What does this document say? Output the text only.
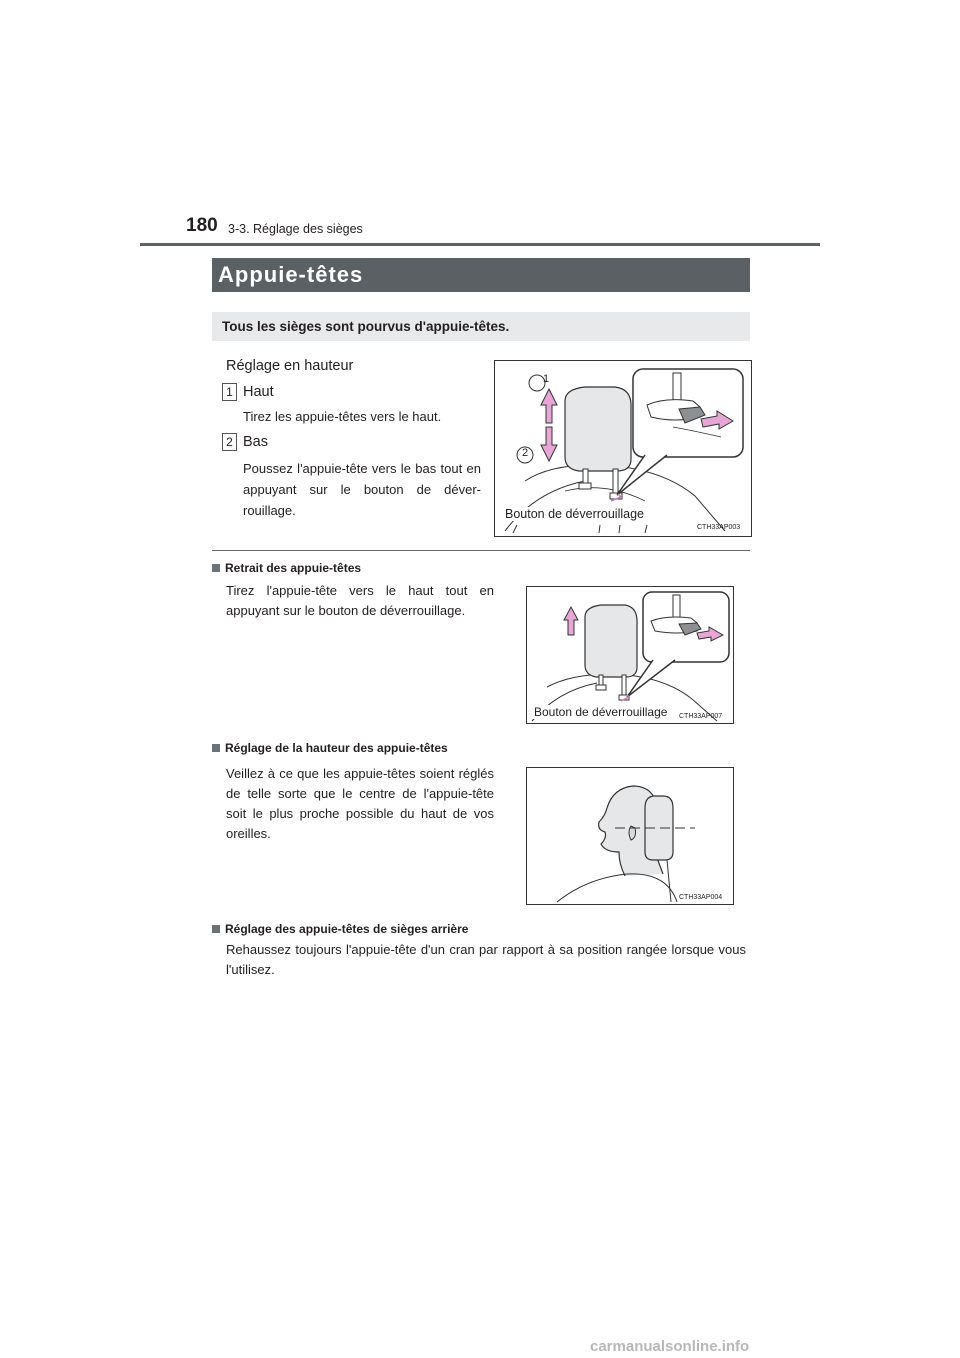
180 3-3. Réglage des sièges
Appuie-têtes
Tous les sièges sont pourvus d'appuie-têtes.
Réglage en hauteur
1 Haut
Tirez les appuie-têtes vers le haut.
2 Bas
Poussez l'appuie-tête vers le bas tout en appuyant sur le bouton de déver-rouillage.
1
2
Bouton de déverrouillage
CTH33AP003
Retrait des appuie-têtes
Tirez l'appuie-tête vers le haut tout en appuyant sur le bouton de déverrouillage.
Bouton de déverrouillage CTH33AP007
Réglage de la hauteur des appuie-têtes
Veillez à ce que les appuie-têtes soient réglés de telle sorte que le centre de l'appuie-tête soit le plus proche possible du haut de vos oreilles.
CTH33AP004
Réglage des appuie-têtes de sièges arrière
Rehaussez toujours l'appuie-tête d'un cran par rapport à sa position rangée lorsque vous l'utilisez.
carmanualsonline.info
